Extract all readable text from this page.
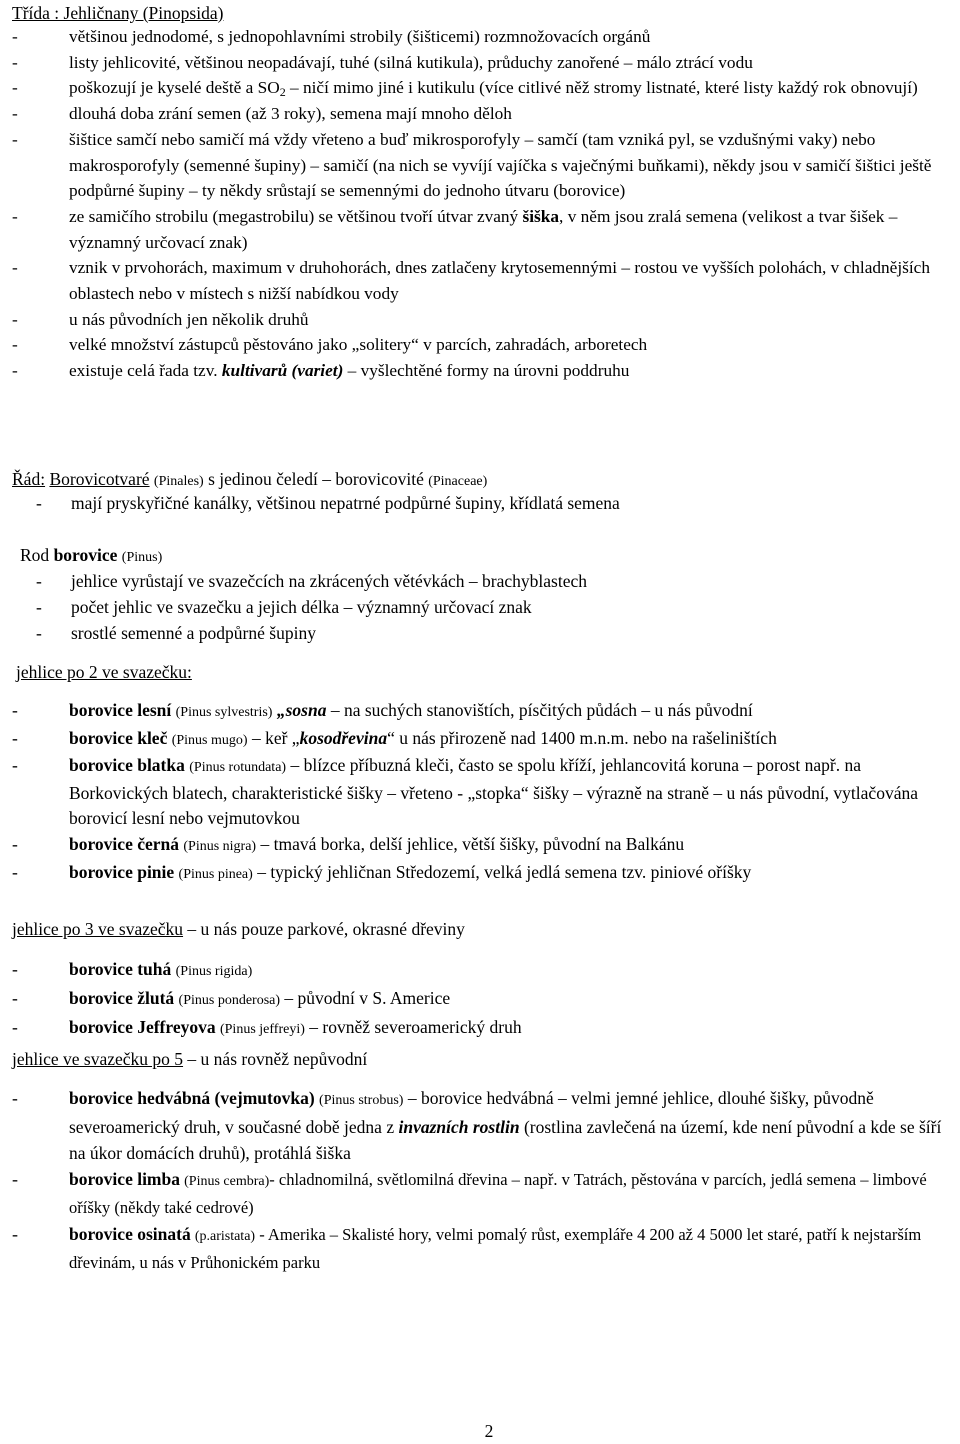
Třída : Jehličnany (Pinopsida)
-	většinou jednodomé, s jednopohlavními strobily (šišticemi) rozmnožovacích orgánů
-	listy jehlicovité, většinou neopadávají, tuhé (silná kutikula), průduchy zanořené – málo ztrácí vodu
-	poškozují je kyselé deště a $SO_2$ – ničí mimo jiné i kutikulu (více citlivé něž stromy listnaté, které listy každý rok obnovují)
-	dlouhá doba zrání semen (až 3 roky), semena mají mnoho děloh
-	šištice samčí nebo samičí má vždy vřeteno a buď mikrosporofyly – samčí (tam vzniká pyl, se vzdušnými vaky) nebo makrosporofyly (semenné šupiny) – samičí (na nich se vyvíjí vajíčka s vaječnými buňkami), někdy jsou v samičí šištici ještě podpůrné šupiny – ty někdy srůstají se semennými do jednoho útvaru (borovice)
-	ze samičího strobilu (megastrobilu) se většinou tvoří útvar zvaný šiška, v něm jsou zralá semena (velikost a tvar šišek – významný určovací znak)
-	vznik v prvohorách, maximum v druhohorách, dnes zatlačeny krytosemennými – rostou ve vyšších polohách, v chladnějších oblastech nebo v místech s nižší nabídkou vody
-	u nás původních jen několik druhů
-	velké množství zástupců pěstováno jako „solitery“ v parcích, zahradách, arboretech
-	existuje celá řada tzv. kultivarů (variet) – vyšlechtěné formy na úrovni poddruhu
Řád: Borovicotvaré (Pinales) s jedinou čeledí – borovicovité (Pinaceae)
- mají pryskyřičné kanálky, většinou nepatrné podpůrné šupiny, křídlatá semena
Rod borovice (Pinus)
- jehlice vyrůstají ve svazečcích na zkrácených větévkách – brachyblastech
- počet jehlic ve svazečku a jejich délka – významný určovací znak
- srostlé semenné a podpůrné šupiny
jehlice po 2 ve svazečku:
-	borovice lesní (Pinus sylvestris) „sosna – na suchých stanovištích, písčitých půdách – u nás původní
-	borovice kleč (Pinus mugo) – keř „kosodřevina“ u nás přirozeně nad 1400 m.n.m. nebo na rašeliništích
-	borovice blatka (Pinus rotundata) – blízce příbuzná kleči, často se spolu kříží, jehlancovitá koruna – porost např. na Borkovických blatech, charakteristické šišky – vřeteno - „stopka“ šišky – výrazně na straně – u nás původní, vytlačována borovicí lesní nebo vejmutovkou
-	borovice černá (Pinus nigra) – tmavá borka, delší jehlice, větší šišky, původní na Balkánu
-	borovice pinie (Pinus pinea) – typický jehličnan Středozemí, velká jedlá semena tzv. piniové oříšky
jehlice po 3 ve svazečku – u nás pouze parkové, okrasné dřeviny
-	borovice tuhá (Pinus rigida)
-	borovice žlutá (Pinus ponderosa) – původní v S. Americe
-	borovice Jeffreyova (Pinus jeffreyi) – rovněž severoamerický druh
jehlice ve svazečku po 5 – u nás rovněž nepůvodní
-	borovice hedvábná (vejmutovka) (Pinus strobus) – borovice hedvábná – velmi jemné jehlice, dlouhé šišky, původně severoamerický druh, v současné době jedna z invazních rostlin (rostlina zavlečená na území, kde není původní a kde se šíří na úkor domácích druhů), protáhlá šiška
-	borovice limba (Pinus cembra)- chladnomilná, světlomilná dřevina – např. v Tatrách, pěstována v parcích, jedlá semena – limbové oříšky (někdy také cedrové)
-	borovice osinatá (p.aristata) - Amerika – Skalisté hory, velmi pomalý růst, exempláře 4 200 až 4 5000 let staré, patří k nejstarším dřevinám, u nás v Průhonickém parku
2
